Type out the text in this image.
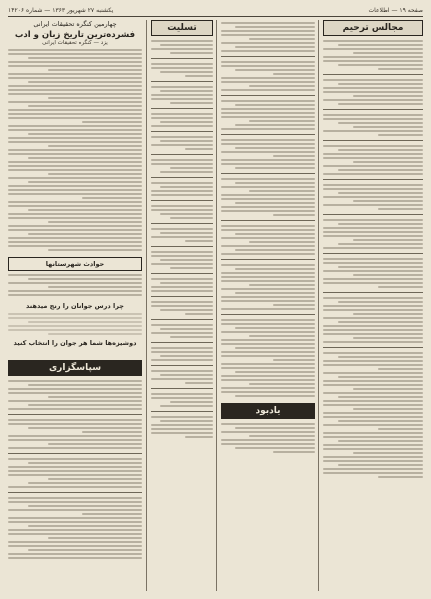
صفحه ۱۹ — اطلاعات
یکشنبه ۲۷ شهریور ۱۳۶۳ — شماره ۱۴۲۰۶
مجالس ترحیم
یادبود
تسلیت
چهارمین کنگره تحقیقات ایرانی
فشرده‌ترین تاریخ زبان و ادب
یزد — کنگره تحقیقات ایرانی
حوادث شهرستانها
چرا درس جوانان را رنج میدهند
دوشیزه‌ها شما هر جوان را انتخاب کنید
سپاسگزاری
